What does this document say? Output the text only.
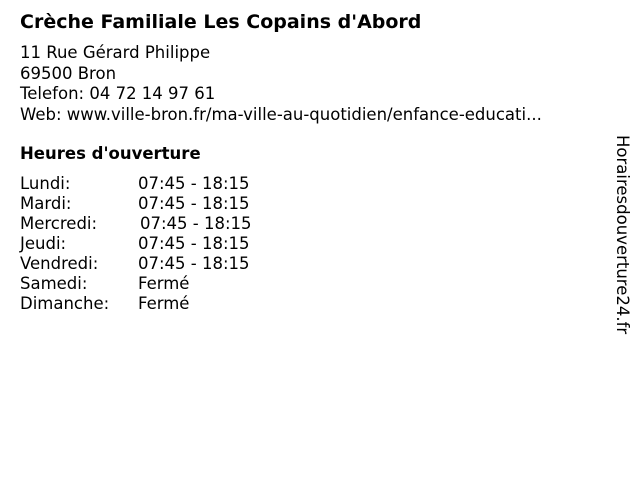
Crèche Familiale Les Copains d'Abord
11 Rue Gérard Philippe
69500 Bron
Telefon: 04 72 14 97 61
Web: www.ville-bron.fr/ma-ville-au-quotidien/enfance-educati...
Heures d'ouverture
Lundi:	07:45 - 18:15
Mardi:	07:45 - 18:15
Mercredi:	07:45 - 18:15
Jeudi:	07:45 - 18:15
Vendredi: 07:45 - 18:15
Samedi:	Fermé
Dimanche: Fermé	Horairesdouverture24.fr
